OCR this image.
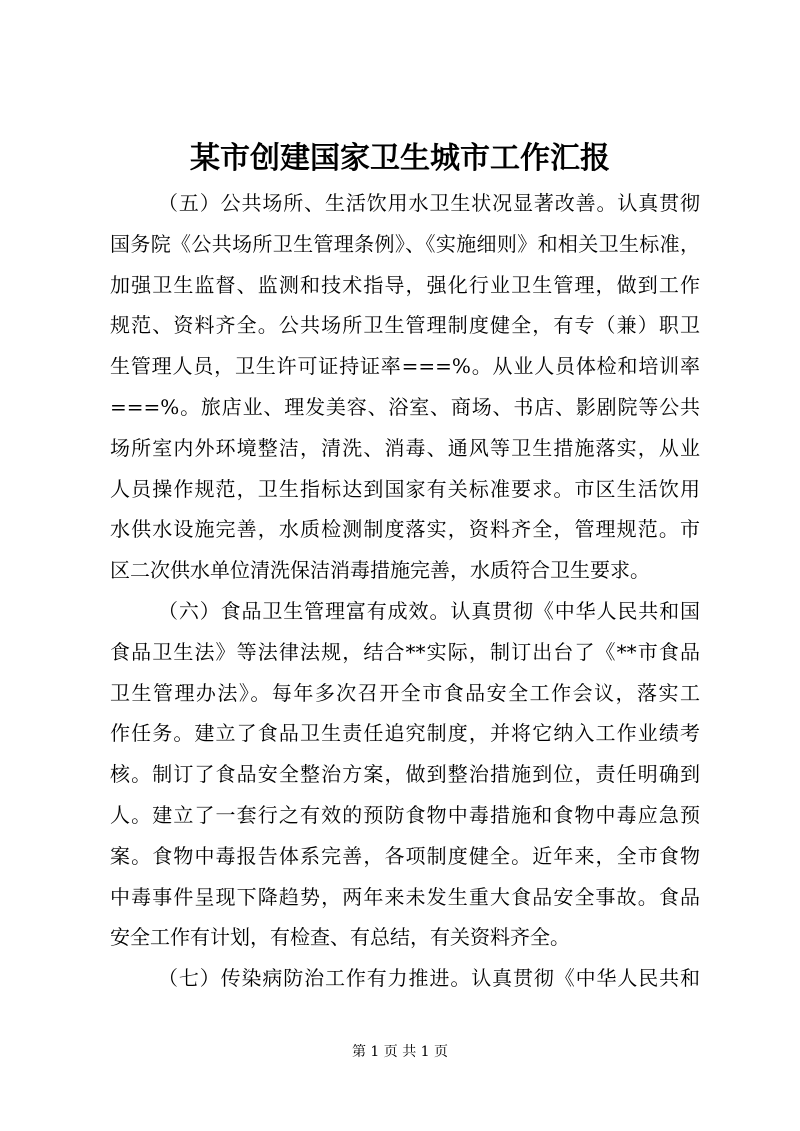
某市创建国家卫生城市工作汇报
（五）公共场所、生活饮用水卫生状况显著改善。认真贯彻
国务院《公共场所卫生管理条例》、《实施细则》和相关卫生标准，
加强卫生监督、监测和技术指导，强化行业卫生管理，做到工作
规范、资料齐全。公共场所卫生管理制度健全，有专（兼）职卫
生管理人员，卫生许可证持证率===%。从业人员体检和培训率
===%。旅店业、理发美容、浴室、商场、书店、影剧院等公共
场所室内外环境整洁，清洗、消毒、通风等卫生措施落实，从业
人员操作规范，卫生指标达到国家有关标准要求。市区生活饮用
水供水设施完善，水质检测制度落实，资料齐全，管理规范。市
区二次供水单位清洗保洁消毒措施完善，水质符合卫生要求。
（六）食品卫生管理富有成效。认真贯彻《中华人民共和国
食品卫生法》等法律法规，结合**实际，制订出台了《**市食品
卫生管理办法》。每年多次召开全市食品安全工作会议，落实工
作任务。建立了食品卫生责任追究制度，并将它纳入工作业绩考
核。制订了食品安全整治方案，做到整治措施到位，责任明确到
人。建立了一套行之有效的预防食物中毒措施和食物中毒应急预
案。食物中毒报告体系完善，各项制度健全。近年来，全市食物
中毒事件呈现下降趋势，两年来未发生重大食品安全事故。食品
安全工作有计划，有检查、有总结，有关资料齐全。
（七）传染病防治工作有力推进。认真贯彻《中华人民共和
第 1 页 共 1 页
